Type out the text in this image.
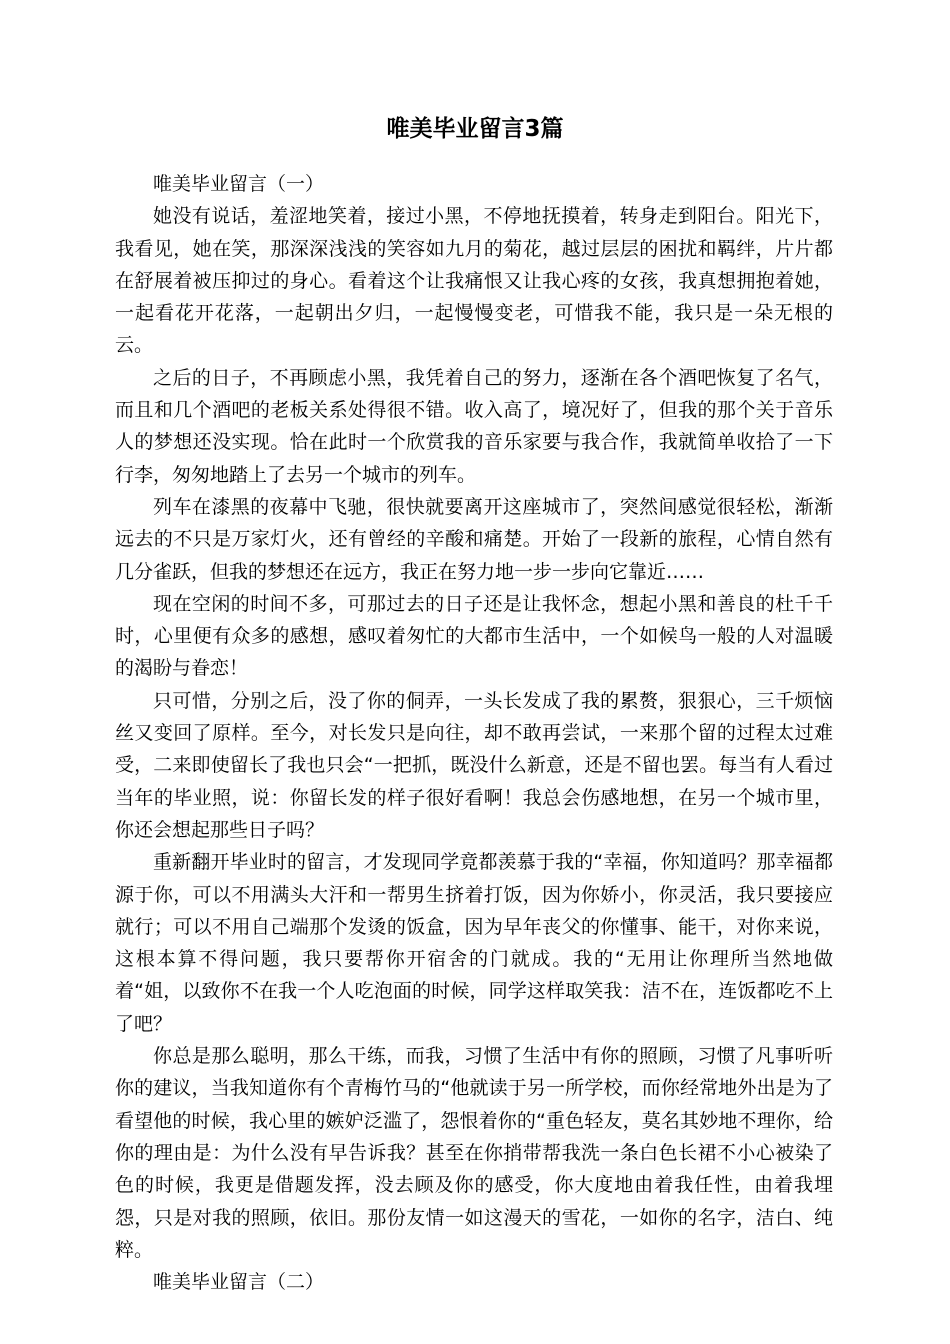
唯美毕业留言3篇

唯美毕业留言（一）

她没有说话，羞涩地笑着，接过小黑，不停地抚摸着，转身走到阳台。阳光下，我看见，她在笑，那深深浅浅的笑容如九月的菊花，越过层层的困扰和羁绊，片片都在舒展着被压抑过的身心。看着这个让我痛恨又让我心疼的女孩，我真想拥抱着她，一起看花开花落，一起朝出夕归，一起慢慢变老，可惜我不能，我只是一朵无根的云。

之后的日子，不再顾虑小黑，我凭着自己的努力，逐渐在各个酒吧恢复了名气，而且和几个酒吧的老板关系处得很不错。收入高了，境况好了，但我的那个关于音乐人的梦想还没实现。恰在此时一个欣赏我的音乐家要与我合作，我就简单收拾了一下行李，匆匆地踏上了去另一个城市的列车。

列车在漆黑的夜幕中飞驰，很快就要离开这座城市了，突然间感觉很轻松，渐渐远去的不只是万家灯火，还有曾经的辛酸和痛楚。开始了一段新的旅程，心情自然有几分雀跃，但我的梦想还在远方，我正在努力地一步一步向它靠近……

现在空闲的时间不多，可那过去的日子还是让我怀念，想起小黑和善良的杜千千时，心里便有众多的感想，感叹着匆忙的大都市生活中，一个如候鸟一般的人对温暖的渴盼与眷恋！

只可惜，分别之后，没了你的侗弄，一头长发成了我的累赘，狠狠心，三千烦恼丝又变回了原样。至今，对长发只是向往，却不敢再尝试，一来那个留的过程太过难受，二来即使留长了我也只会“一把抓，既没什么新意，还是不留也罢。每当有人看过当年的毕业照，说：你留长发的样子很好看啊！我总会伤感地想，在另一个城市里，你还会想起那些日子吗？

重新翻开毕业时的留言，才发现同学竟都羡慕于我的“幸福，你知道吗？那幸福都源于你，可以不用满头大汗和一帮男生挤着打饭，因为你娇小，你灵活，我只要接应就行；可以不用自己端那个发烫的饭盒，因为早年丧父的你懂事、能干，对你来说，这根本算不得问题，我只要帮你开宿舍的门就成。我的“无用让你理所当然地做着“姐，以致你不在我一个人吃泡面的时候，同学这样取笑我：洁不在，连饭都吃不上了吧？

你总是那么聪明，那么干练，而我，习惯了生活中有你的照顾，习惯了凡事听听你的建议，当我知道你有个青梅竹马的“他就读于另一所学校，而你经常地外出是为了看望他的时候，我心里的嫉妒泛滥了，怨恨着你的“重色轻友，莫名其妙地不理你，给你的理由是：为什么没有早告诉我？甚至在你捎带帮我洗一条白色长裙不小心被染了色的时候，我更是借题发挥，没去顾及你的感受，你大度地由着我任性，由着我埋怨，只是对我的照顾，依旧。那份友情一如这漫天的雪花，一如你的名字，洁白、纯粹。

唯美毕业留言（二）
